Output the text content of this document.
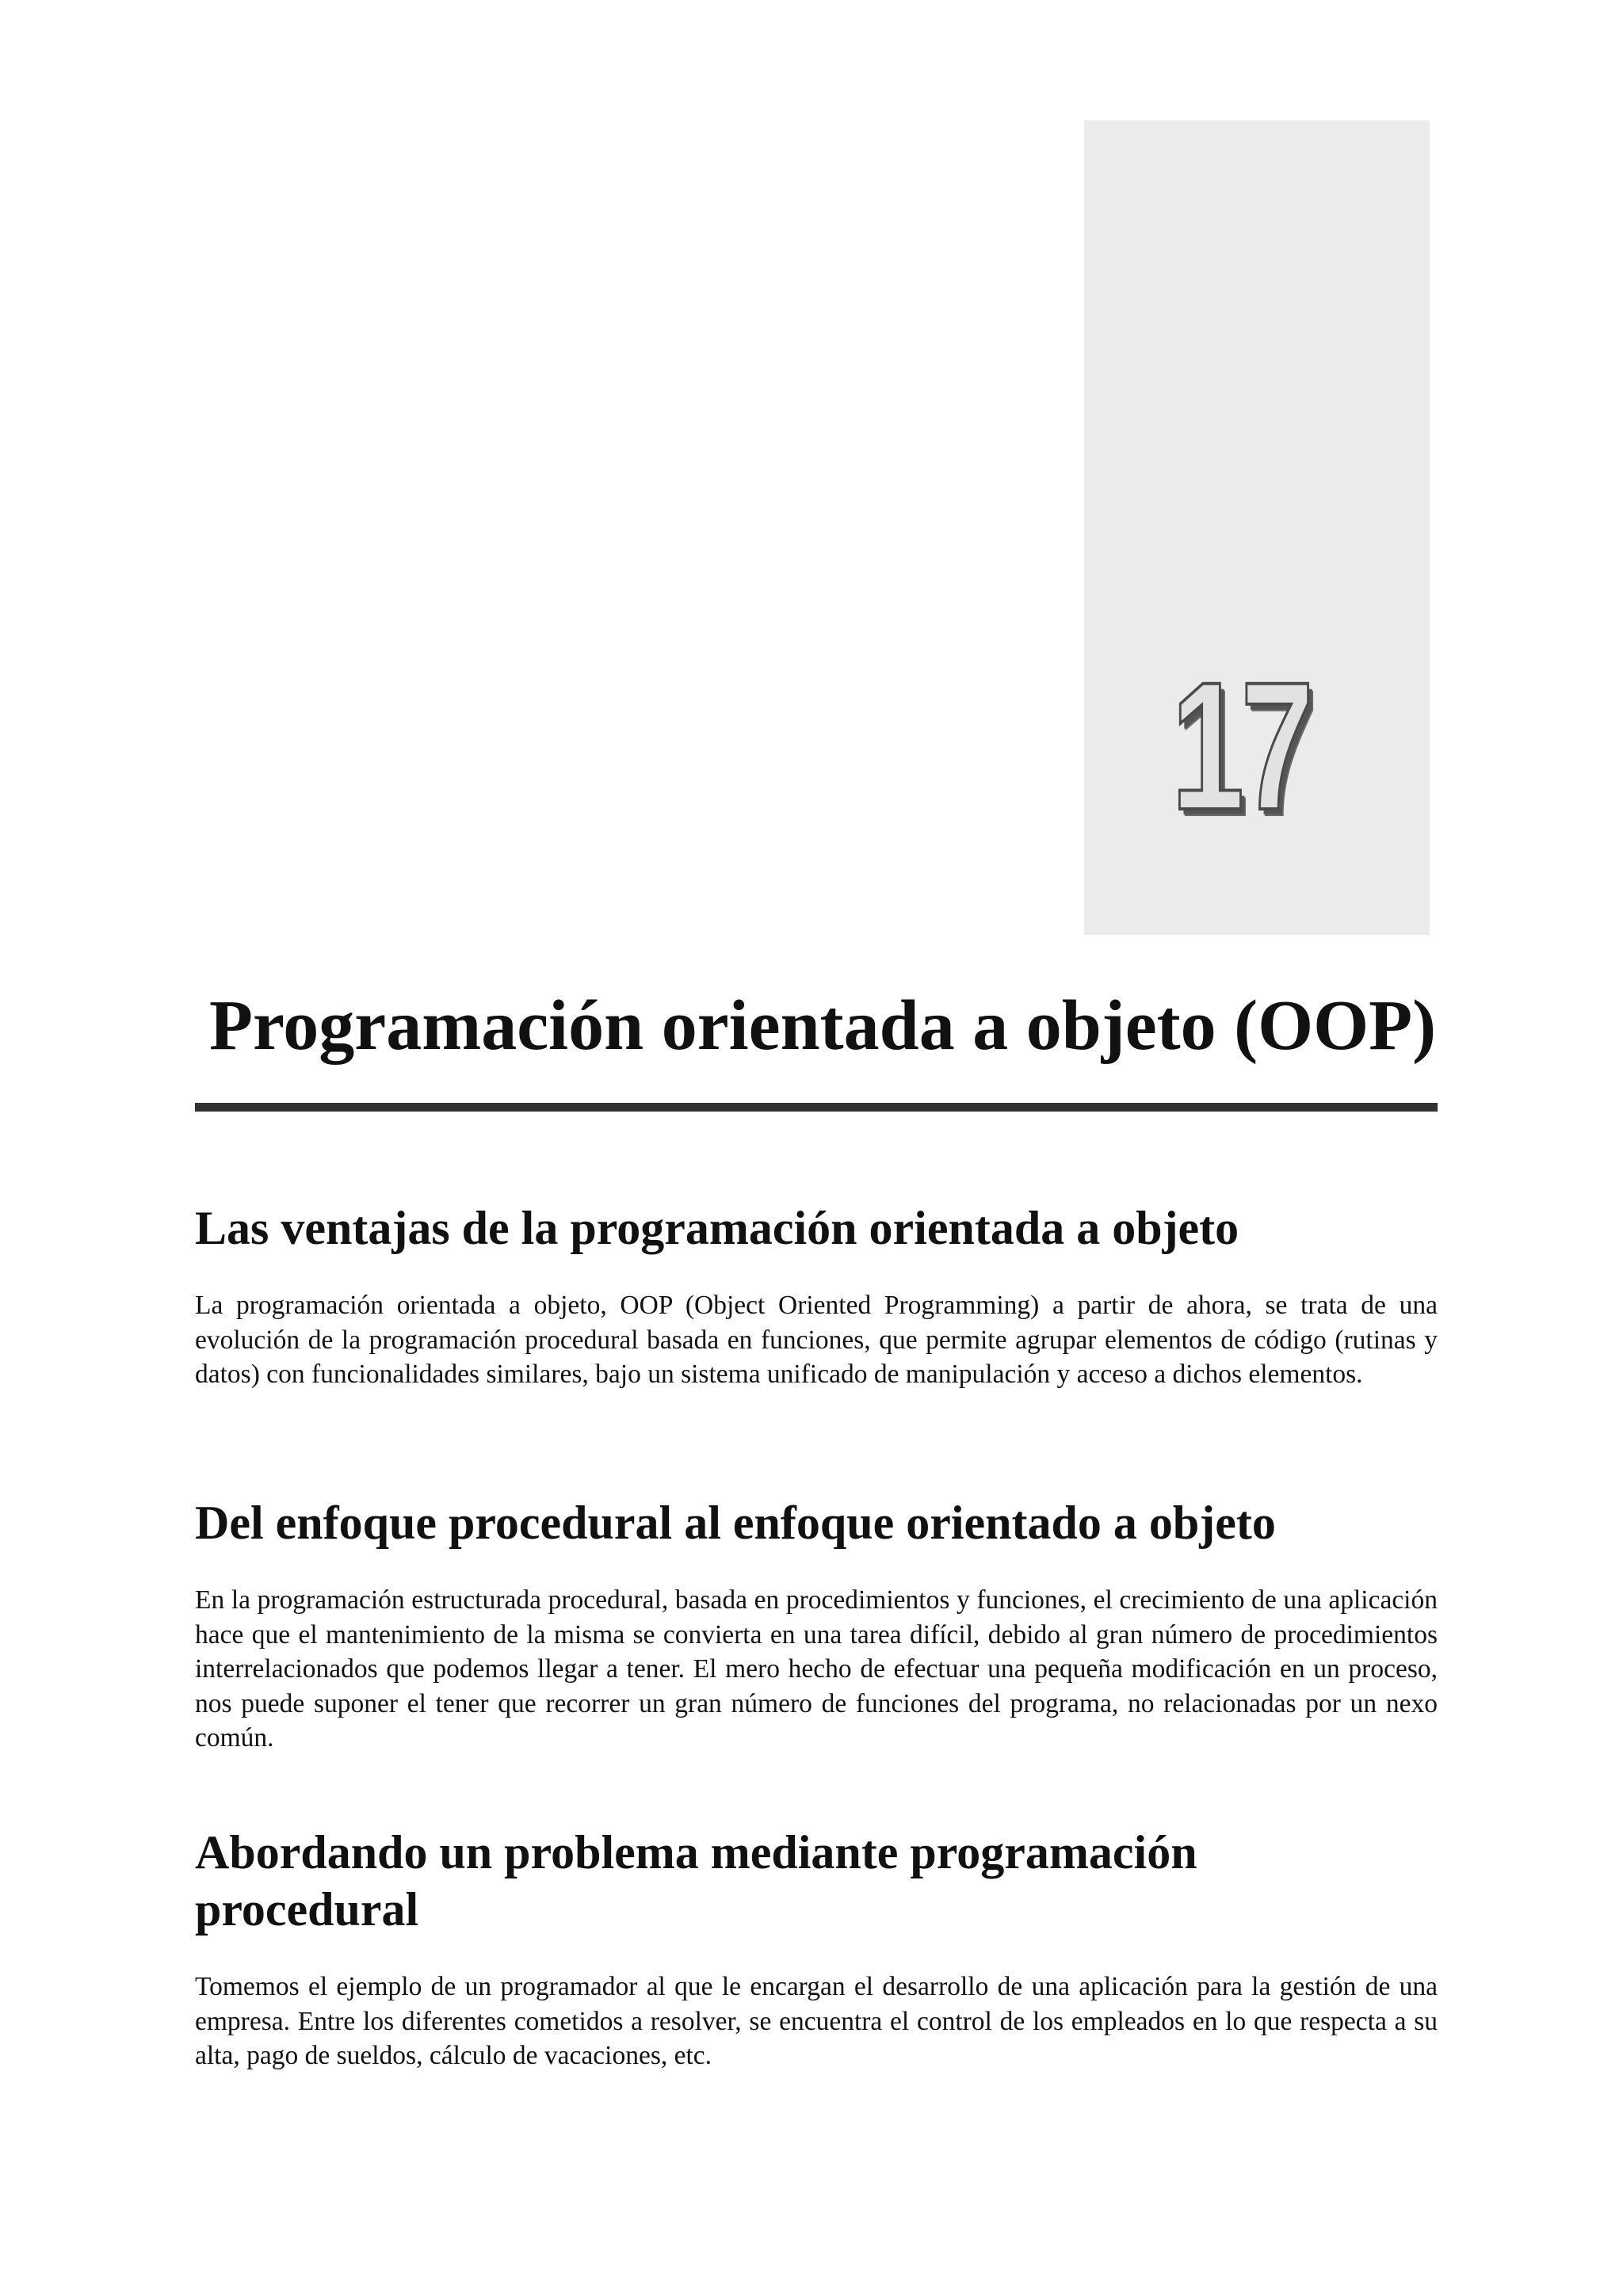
17
Programación orientada a objeto (OOP)
Las ventajas de la programación orientada a objeto

La programación orientada a objeto, OOP (Object Oriented Programming) a partir de ahora, se trata de una evolución de la programación procedural basada en funciones, que permite agrupar elementos de código (rutinas y datos) con funcionalidades similares, bajo un sistema unificado de manipulación y acceso a dichos elementos.

Del enfoque procedural al enfoque orientado a objeto

En la programación estructurada procedural, basada en procedimientos y funciones, el crecimiento de una aplicación hace que el mantenimiento de la misma se convierta en una tarea difícil, debido al gran número de procedimientos interrelacionados que podemos llegar a tener. El mero hecho de efectuar una pequeña modificación en un proceso, nos puede suponer el tener que recorrer un gran número de funciones del programa, no relacionadas por un nexo común.

Abordando un problema mediante programación procedural

Tomemos el ejemplo de un programador al que le encargan el desarrollo de una aplicación para la gestión de una empresa. Entre los diferentes cometidos a resolver, se encuentra el control de los empleados en lo que respecta a su alta, pago de sueldos, cálculo de vacaciones, etc.
